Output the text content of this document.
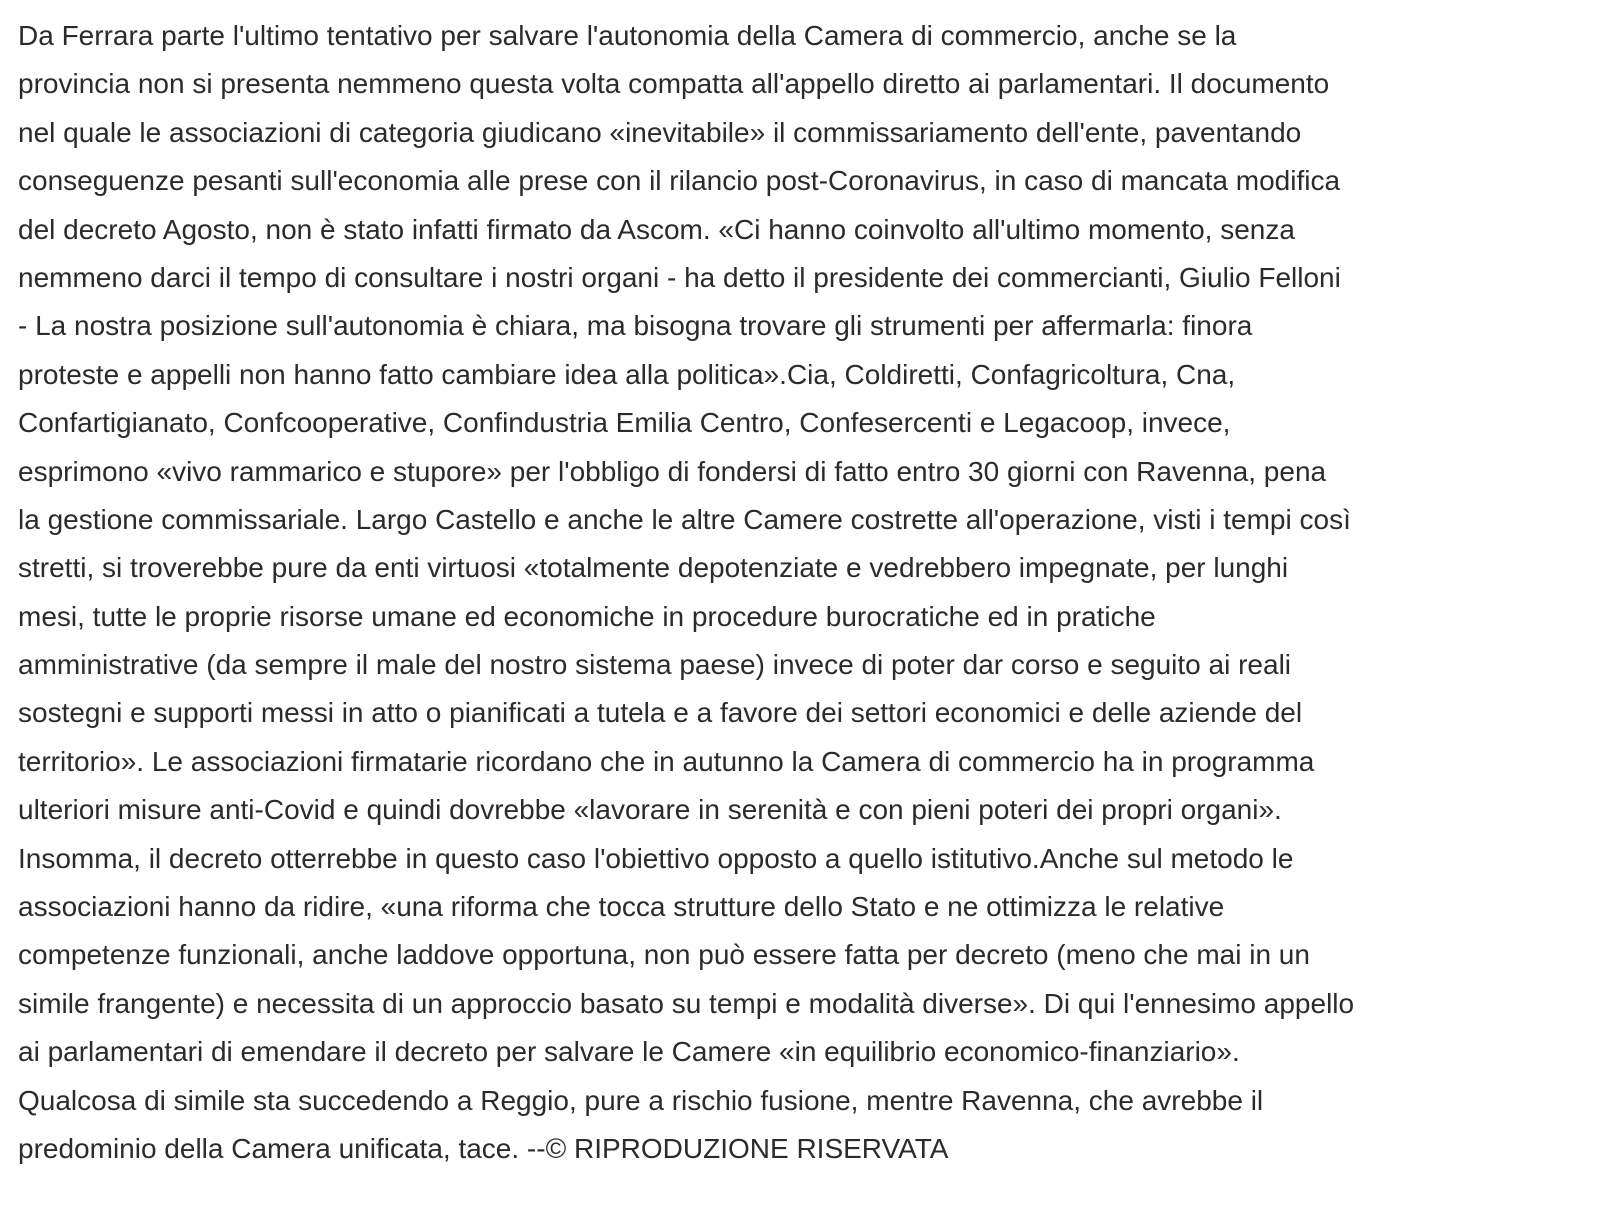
Da Ferrara parte l'ultimo tentativo per salvare l'autonomia della Camera di commercio, anche se la
provincia non si presenta nemmeno questa volta compatta all'appello diretto ai parlamentari. Il documento
nel quale le associazioni di categoria giudicano «inevitabile» il commissariamento dell'ente, paventando
conseguenze pesanti sull'economia alle prese con il rilancio post-Coronavirus, in caso di mancata modifica
del decreto Agosto, non è stato infatti firmato da Ascom. «Ci hanno coinvolto all'ultimo momento, senza
nemmeno darci il tempo di consultare i nostri organi - ha detto il presidente dei commercianti, Giulio Felloni
- La nostra posizione sull'autonomia è chiara, ma bisogna trovare gli strumenti per affermarla: finora
proteste e appelli non hanno fatto cambiare idea alla politica».Cia, Coldiretti, Confagricoltura, Cna,
Confartigianato, Confcooperative, Confindustria Emilia Centro, Confesercenti e Legacoop, invece,
esprimono «vivo rammarico e stupore» per l'obbligo di fondersi di fatto entro 30 giorni con Ravenna, pena
la gestione commissariale. Largo Castello e anche le altre Camere costrette all'operazione, visti i tempi così
stretti, si troverebbe pure da enti virtuosi «totalmente depotenziate e vedrebbero impegnate, per lunghi
mesi, tutte le proprie risorse umane ed economiche in procedure burocratiche ed in pratiche
amministrative (da sempre il male del nostro sistema paese) invece di poter dar corso e seguito ai reali
sostegni e supporti messi in atto o pianificati a tutela e a favore dei settori economici e delle aziende del
territorio». Le associazioni firmatarie ricordano che in autunno la Camera di commercio ha in programma
ulteriori misure anti-Covid e quindi dovrebbe «lavorare in serenità e con pieni poteri dei propri organi».
Insomma, il decreto otterrebbe in questo caso l'obiettivo opposto a quello istitutivo.Anche sul metodo le
associazioni hanno da ridire, «una riforma che tocca strutture dello Stato e ne ottimizza le relative
competenze funzionali, anche laddove opportuna, non può essere fatta per decreto (meno che mai in un
simile frangente) e necessita di un approccio basato su tempi e modalità diverse». Di qui l'ennesimo appello
ai parlamentari di emendare il decreto per salvare le Camere «in equilibrio economico-finanziario».
Qualcosa di simile sta succedendo a Reggio, pure a rischio fusione, mentre Ravenna, che avrebbe il
predominio della Camera unificata, tace. --© RIPRODUZIONE RISERVATA
